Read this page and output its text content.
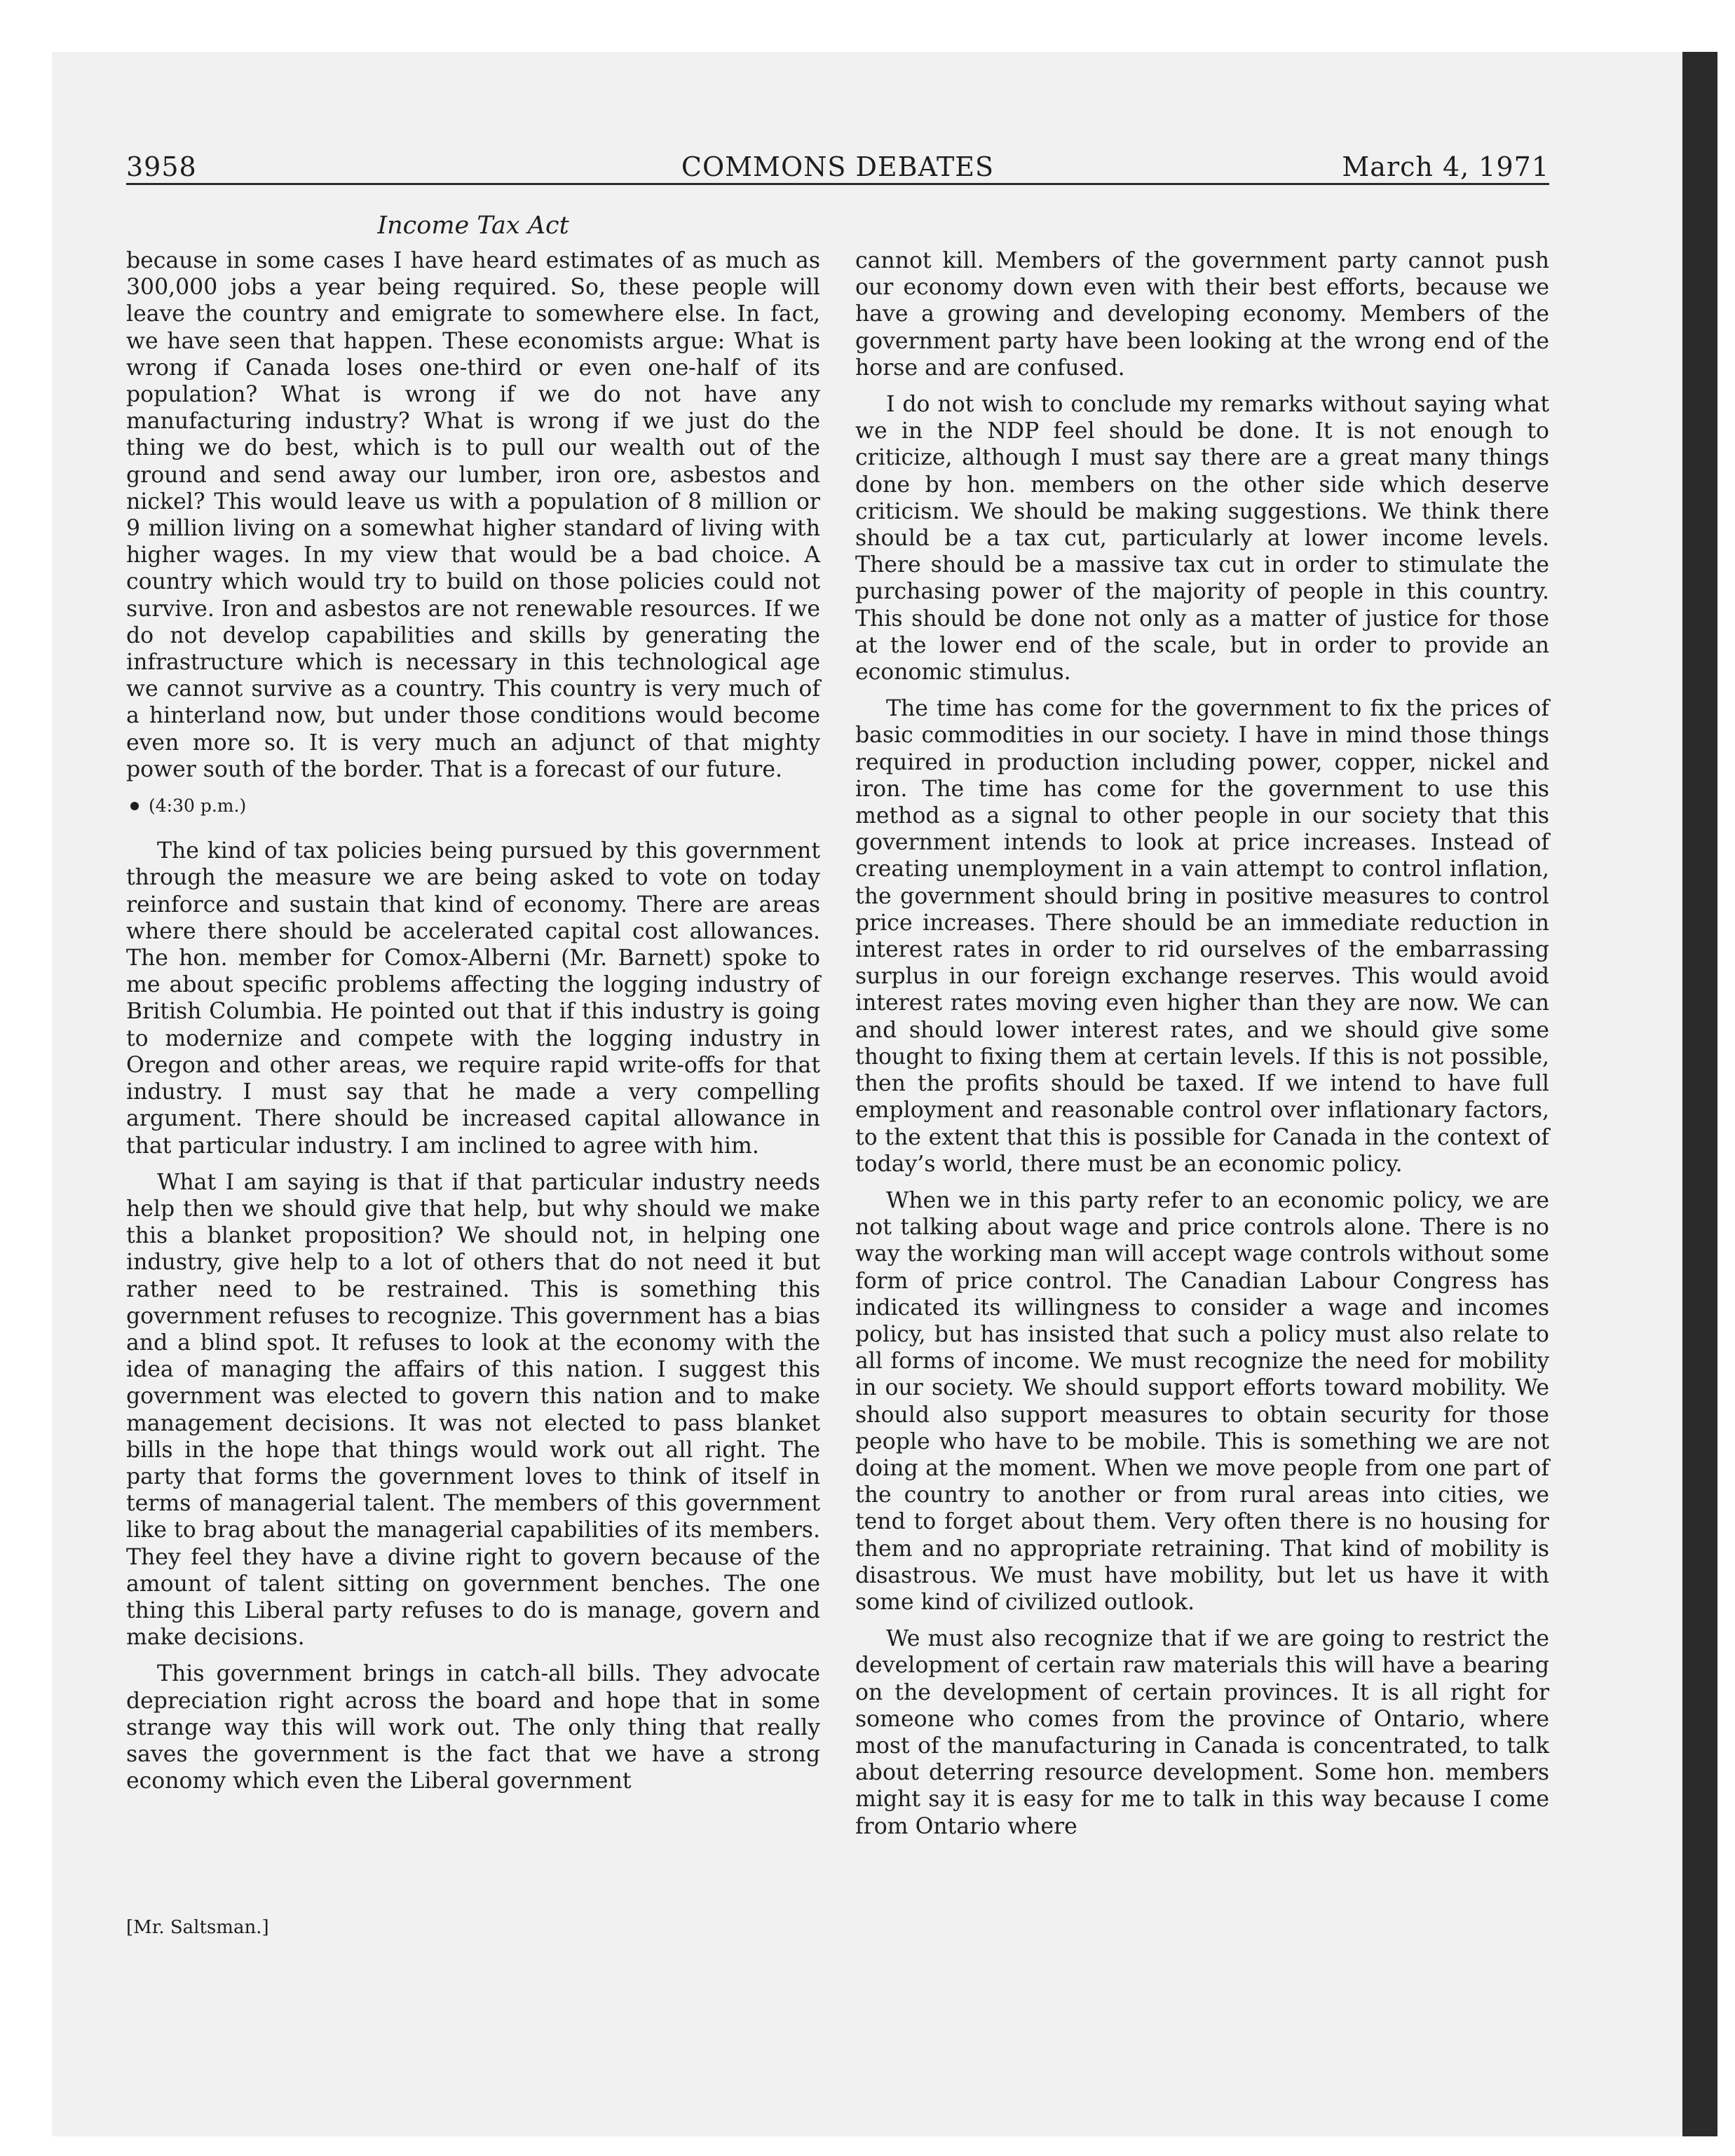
3958	COMMONS DEBATES	March 4, 1971
Income Tax Act

because in some cases I have heard estimates of as much as 300,000 jobs a year being required. So, these people will leave the country and emigrate to somewhere else. In fact, we have seen that happen. These economists argue: What is wrong if Canada loses one-third or even one-half of its population? What is wrong if we do not have any manufacturing industry? What is wrong if we just do the thing we do best, which is to pull our wealth out of the ground and send away our lumber, iron ore, asbestos and nickel? This would leave us with a population of 8 million or 9 million living on a somewhat higher standard of living with higher wages. In my view that would be a bad choice. A country which would try to build on those policies could not survive. Iron and asbestos are not renewable resources. If we do not develop capabilities and skills by generating the infrastructure which is necessary in this technological age we cannot survive as a country. This country is very much of a hinterland now, but under those conditions would become even more so. It is very much an adjunct of that mighty power south of the border. That is a forecast of our future.

(4:30 p.m.)

The kind of tax policies being pursued by this government through the measure we are being asked to vote on today reinforce and sustain that kind of economy. There are areas where there should be accelerated capital cost allowances. The hon. member for Comox-Alberni (Mr. Barnett) spoke to me about specific problems affecting the logging industry of British Columbia. He pointed out that if this industry is going to modernize and compete with the logging industry in Oregon and other areas, we require rapid write-offs for that industry. I must say that he made a very compelling argument. There should be increased capital allowance in that particular industry. I am inclined to agree with him.

What I am saying is that if that particular industry needs help then we should give that help, but why should we make this a blanket proposition? We should not, in helping one industry, give help to a lot of others that do not need it but rather need to be restrained. This is something this government refuses to recognize. This government has a bias and a blind spot. It refuses to look at the economy with the idea of managing the affairs of this nation. I suggest this government was elected to govern this nation and to make management decisions. It was not elected to pass blanket bills in the hope that things would work out all right. The party that forms the government loves to think of itself in terms of managerial talent. The members of this government like to brag about the managerial capabilities of its members. They feel they have a divine right to govern because of the amount of talent sitting on government benches. The one thing this Liberal party refuses to do is manage, govern and make decisions.

This government brings in catch-all bills. They advocate depreciation right across the board and hope that in some strange way this will work out. The only thing that really saves the government is the fact that we have a strong economy which even the Liberal government

cannot kill. Members of the government party cannot push our economy down even with their best efforts, because we have a growing and developing economy. Members of the government party have been looking at the wrong end of the horse and are confused.

I do not wish to conclude my remarks without saying what we in the NDP feel should be done. It is not enough to criticize, although I must say there are a great many things done by hon. members on the other side which deserve criticism. We should be making suggestions. We think there should be a tax cut, particularly at lower income levels. There should be a massive tax cut in order to stimulate the purchasing power of the majority of people in this country. This should be done not only as a matter of justice for those at the lower end of the scale, but in order to provide an economic stimulus.

The time has come for the government to fix the prices of basic commodities in our society. I have in mind those things required in production including power, copper, nickel and iron. The time has come for the government to use this method as a signal to other people in our society that this government intends to look at price increases. Instead of creating unemployment in a vain attempt to control inflation, the government should bring in positive measures to control price increases. There should be an immediate reduction in interest rates in order to rid ourselves of the embarrassing surplus in our foreign exchange reserves. This would avoid interest rates moving even higher than they are now. We can and should lower interest rates, and we should give some thought to fixing them at certain levels. If this is not possible, then the profits should be taxed. If we intend to have full employment and reasonable control over inflationary factors, to the extent that this is possible for Canada in the context of today’s world, there must be an economic policy.

When we in this party refer to an economic policy, we are not talking about wage and price controls alone. There is no way the working man will accept wage controls without some form of price control. The Canadian Labour Congress has indicated its willingness to consider a wage and incomes policy, but has insisted that such a policy must also relate to all forms of income. We must recognize the need for mobility in our society. We should support efforts toward mobility. We should also support measures to obtain security for those people who have to be mobile. This is something we are not doing at the moment. When we move people from one part of the country to another or from rural areas into cities, we tend to forget about them. Very often there is no housing for them and no appropriate retraining. That kind of mobility is disastrous. We must have mobility, but let us have it with some kind of civilized outlook.

We must also recognize that if we are going to restrict the development of certain raw materials this will have a bearing on the development of certain provinces. It is all right for someone who comes from the province of Ontario, where most of the manufacturing in Canada is concentrated, to talk about deterring resource development. Some hon. members might say it is easy for me to talk in this way because I come from Ontario where

[Mr. Saltsman.]
